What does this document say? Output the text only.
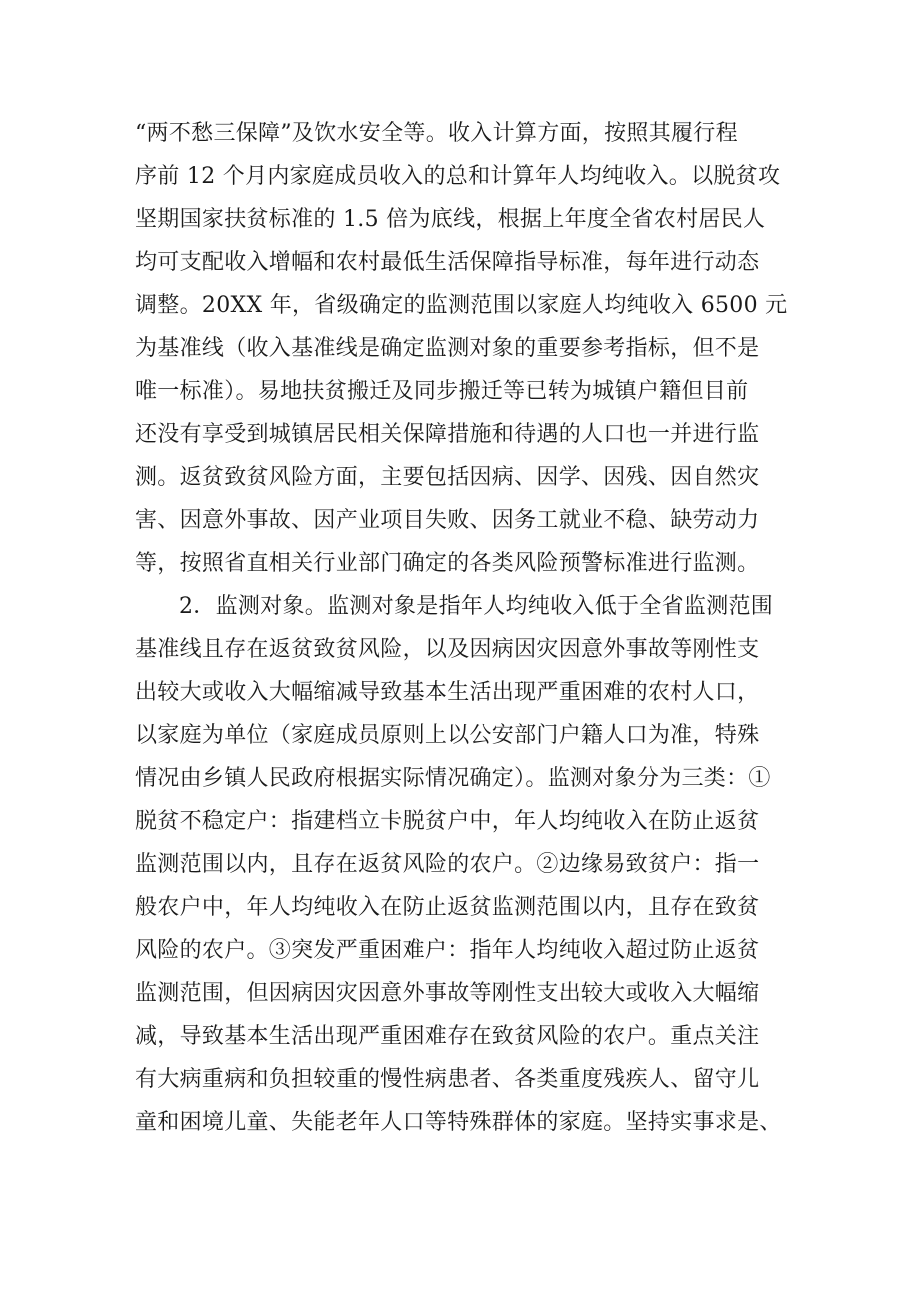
“两不愁三保障”及饮水安全等。收入计算方面，按照其履行程
序前 12 个月内家庭成员收入的总和计算年人均纯收入。以脱贫攻
坚期国家扶贫标准的 1.5 倍为底线，根据上年度全省农村居民人
均可支配收入增幅和农村最低生活保障指导标准，每年进行动态
调整。20XX 年，省级确定的监测范围以家庭人均纯收入 6500 元
为基准线（收入基准线是确定监测对象的重要参考指标，但不是
唯一标准）。易地扶贫搬迁及同步搬迁等已转为城镇户籍但目前
还没有享受到城镇居民相关保障措施和待遇的人口也一并进行监
测。返贫致贫风险方面，主要包括因病、因学、因残、因自然灾
害、因意外事故、因产业项目失败、因务工就业不稳、缺劳动力
等，按照省直相关行业部门确定的各类风险预警标准进行监测。
2．监测对象。监测对象是指年人均纯收入低于全省监测范围
基准线且存在返贫致贫风险，以及因病因灾因意外事故等刚性支
出较大或收入大幅缩减导致基本生活出现严重困难的农村人口，
以家庭为单位（家庭成员原则上以公安部门户籍人口为准，特殊
情况由乡镇人民政府根据实际情况确定）。监测对象分为三类：①
脱贫不稳定户：指建档立卡脱贫户中，年人均纯收入在防止返贫
监测范围以内，且存在返贫风险的农户。②边缘易致贫户：指一
般农户中，年人均纯收入在防止返贫监测范围以内，且存在致贫
风险的农户。③突发严重困难户：指年人均纯收入超过防止返贫
监测范围，但因病因灾因意外事故等刚性支出较大或收入大幅缩
减，导致基本生活出现严重困难存在致贫风险的农户。重点关注
有大病重病和负担较重的慢性病患者、各类重度残疾人、留守儿
童和困境儿童、失能老年人口等特殊群体的家庭。坚持实事求是、
